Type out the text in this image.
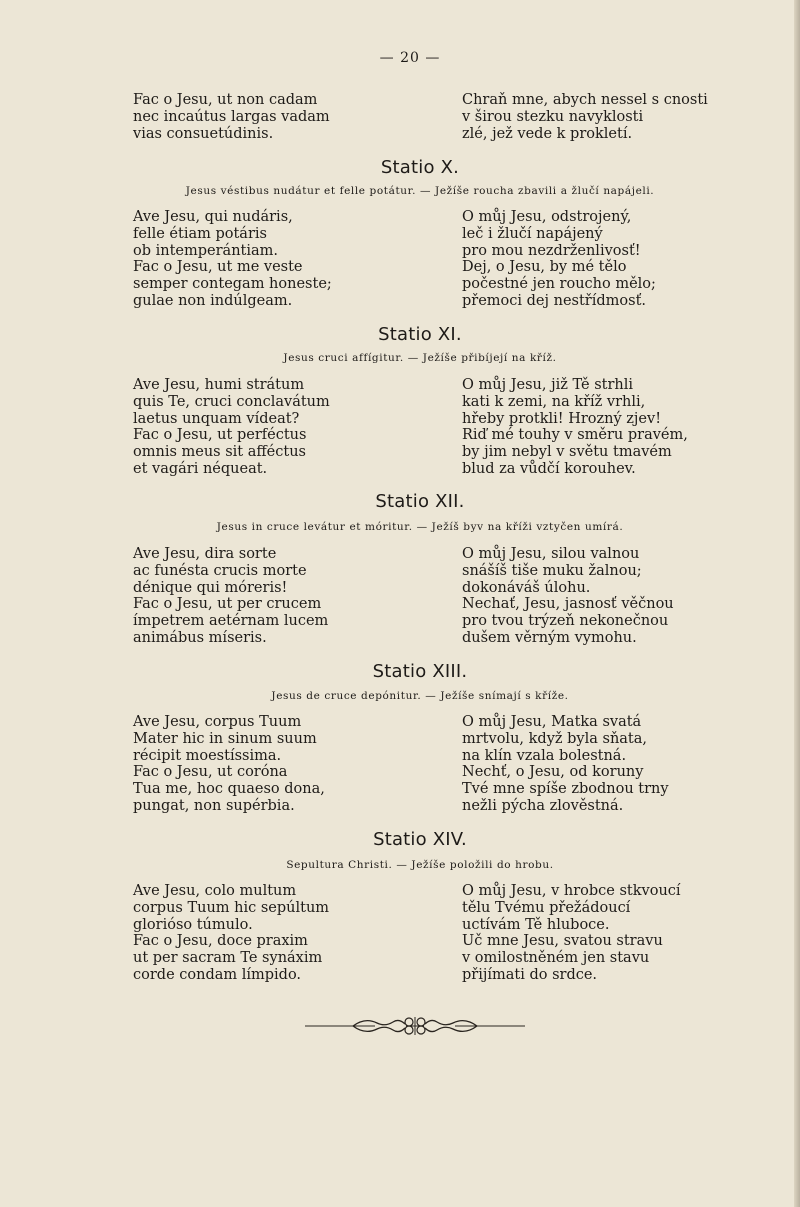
— 20 —
Fac o Jesu, ut non cadam
nec incaútus largas vadam
vias consuetúdinis.
Chraň mne, abych nessel s cnosti
v širou stezku navyklosti
zlé, jež vede k prokletí.
Statio X.
Jesus véstibus nudátur et felle potátur. — Ježíše roucha zbavili a žlučí napájeli.
Ave Jesu, qui nudáris,
felle étiam potáris
ob intemperántiam.
Fac o Jesu, ut me veste
semper contegam honeste;
gulae non indúlgeam.
O můj Jesu, odstrojený,
leč i žlučí napájený
pro mou nezdrženlivosť!
Dej, o Jesu, by mé tělo
počestné jen roucho mělo;
přemoci dej nestřídmosť.
Statio XI.
Jesus cruci affígitur. — Ježíše přibíjejí na kříž.
Ave Jesu, humi strátum
quis Te, cruci conclavátum
laetus unquam vídeat?
Fac o Jesu, ut perféctus
omnis meus sit afféctus
et vagári néqueat.
O můj Jesu, již Tě strhli
kati k zemi, na kříž vrhli,
hřeby protkli! Hrozný zjev!
Riď mé touhy v směru pravém,
by jim nebyl v světu tmavém
blud za vůdčí korouhev.
Statio XII.
Jesus in cruce levátur et móritur. — Ježíš byv na kříži vztyčen umírá.
Ave Jesu, dira sorte
ac funésta crucis morte
dénique qui móreris!
Fac o Jesu, ut per crucem
ímpetrem aetérnam lucem
animábus míseris.
O můj Jesu, silou valnou
snášíš tiše muku žalnou;
dokonáváš úlohu.
Nechať, Jesu, jasnosť věčnou
pro tvou trýzeň nekonečnou
dušem věrným vymohu.
Statio XIII.
Jesus de cruce depónitur. — Ježíše snímají s kříže.
Ave Jesu, corpus Tuum
Mater hic in sinum suum
récipit moestíssima.
Fac o Jesu, ut coróna
Tua me, hoc quaeso dona,
pungat, non supérbia.
O můj Jesu, Matka svatá
mrtvolu, když byla sňata,
na klín vzala bolestná.
Nechť, o Jesu, od koruny
Tvé mne spíše zbodnou trny
nežli pýcha zlověstná.
Statio XIV.
Sepultura Christi. — Ježíše položili do hrobu.
Ave Jesu, colo multum
corpus Tuum hic sepúltum
glorióso túmulo.
Fac o Jesu, doce praxim
ut per sacram Te synáxim
corde condam límpido.
O můj Jesu, v hrobce stkvoucí
tělu Tvému přežádoucí
uctívám Tě hluboce.
Uč mne Jesu, svatou stravu
v omilostněném jen stavu
přijímati do srdce.
